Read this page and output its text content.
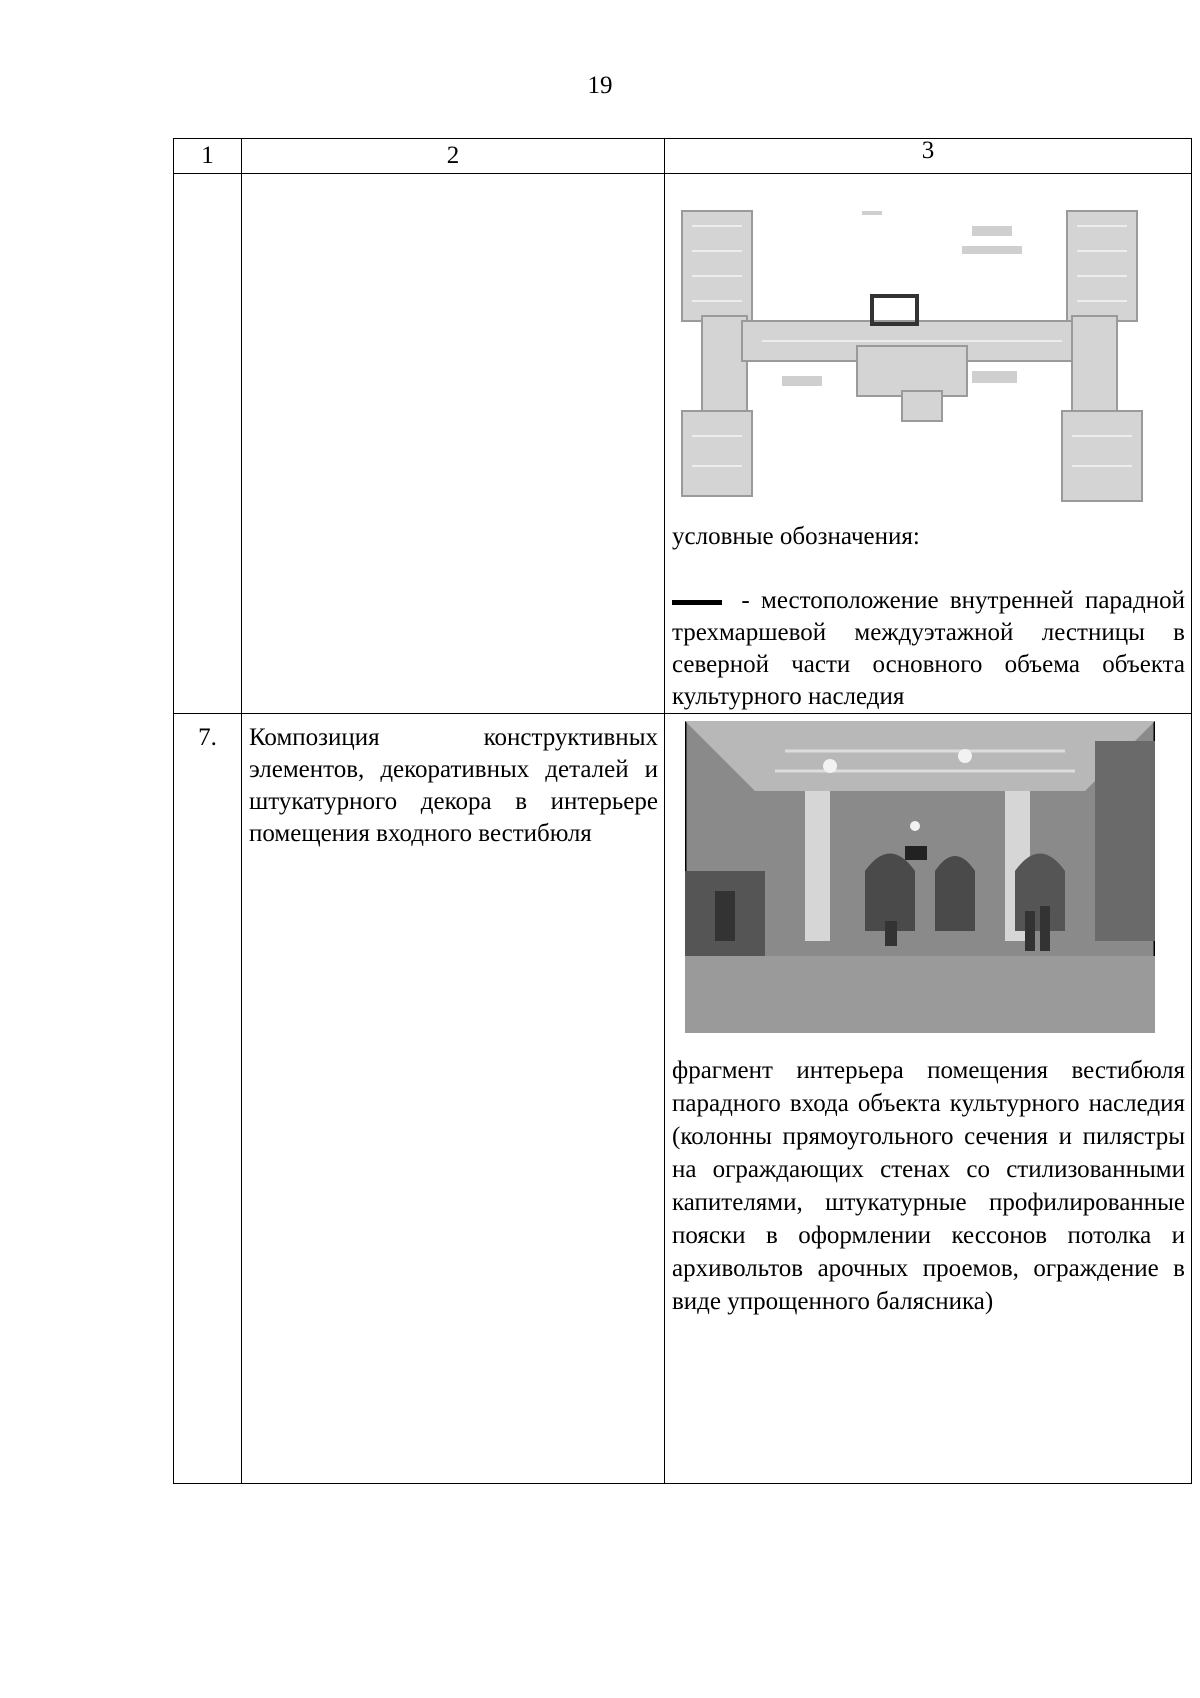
19
1	2	3

		условные обозначения:
- местоположение внутренней парадной трехмаршевой междуэтажной лестницы в северной части основного объема объекта культурного наследия

7.	Композиция конструктивных элементов, декоративных деталей и штукатурного декора в интерьере помещения входного вестибюля	фрагмент интерьера помещения вестибюля парадного входа объекта культурного наследия (колонны прямоугольного сечения и пилястры на ограждающих стенах со стилизованными капителями, штукатурные профилированные пояски в оформлении кессонов потолка и архивольтов арочных проемов, ограждение в виде упрощенного балясника)
